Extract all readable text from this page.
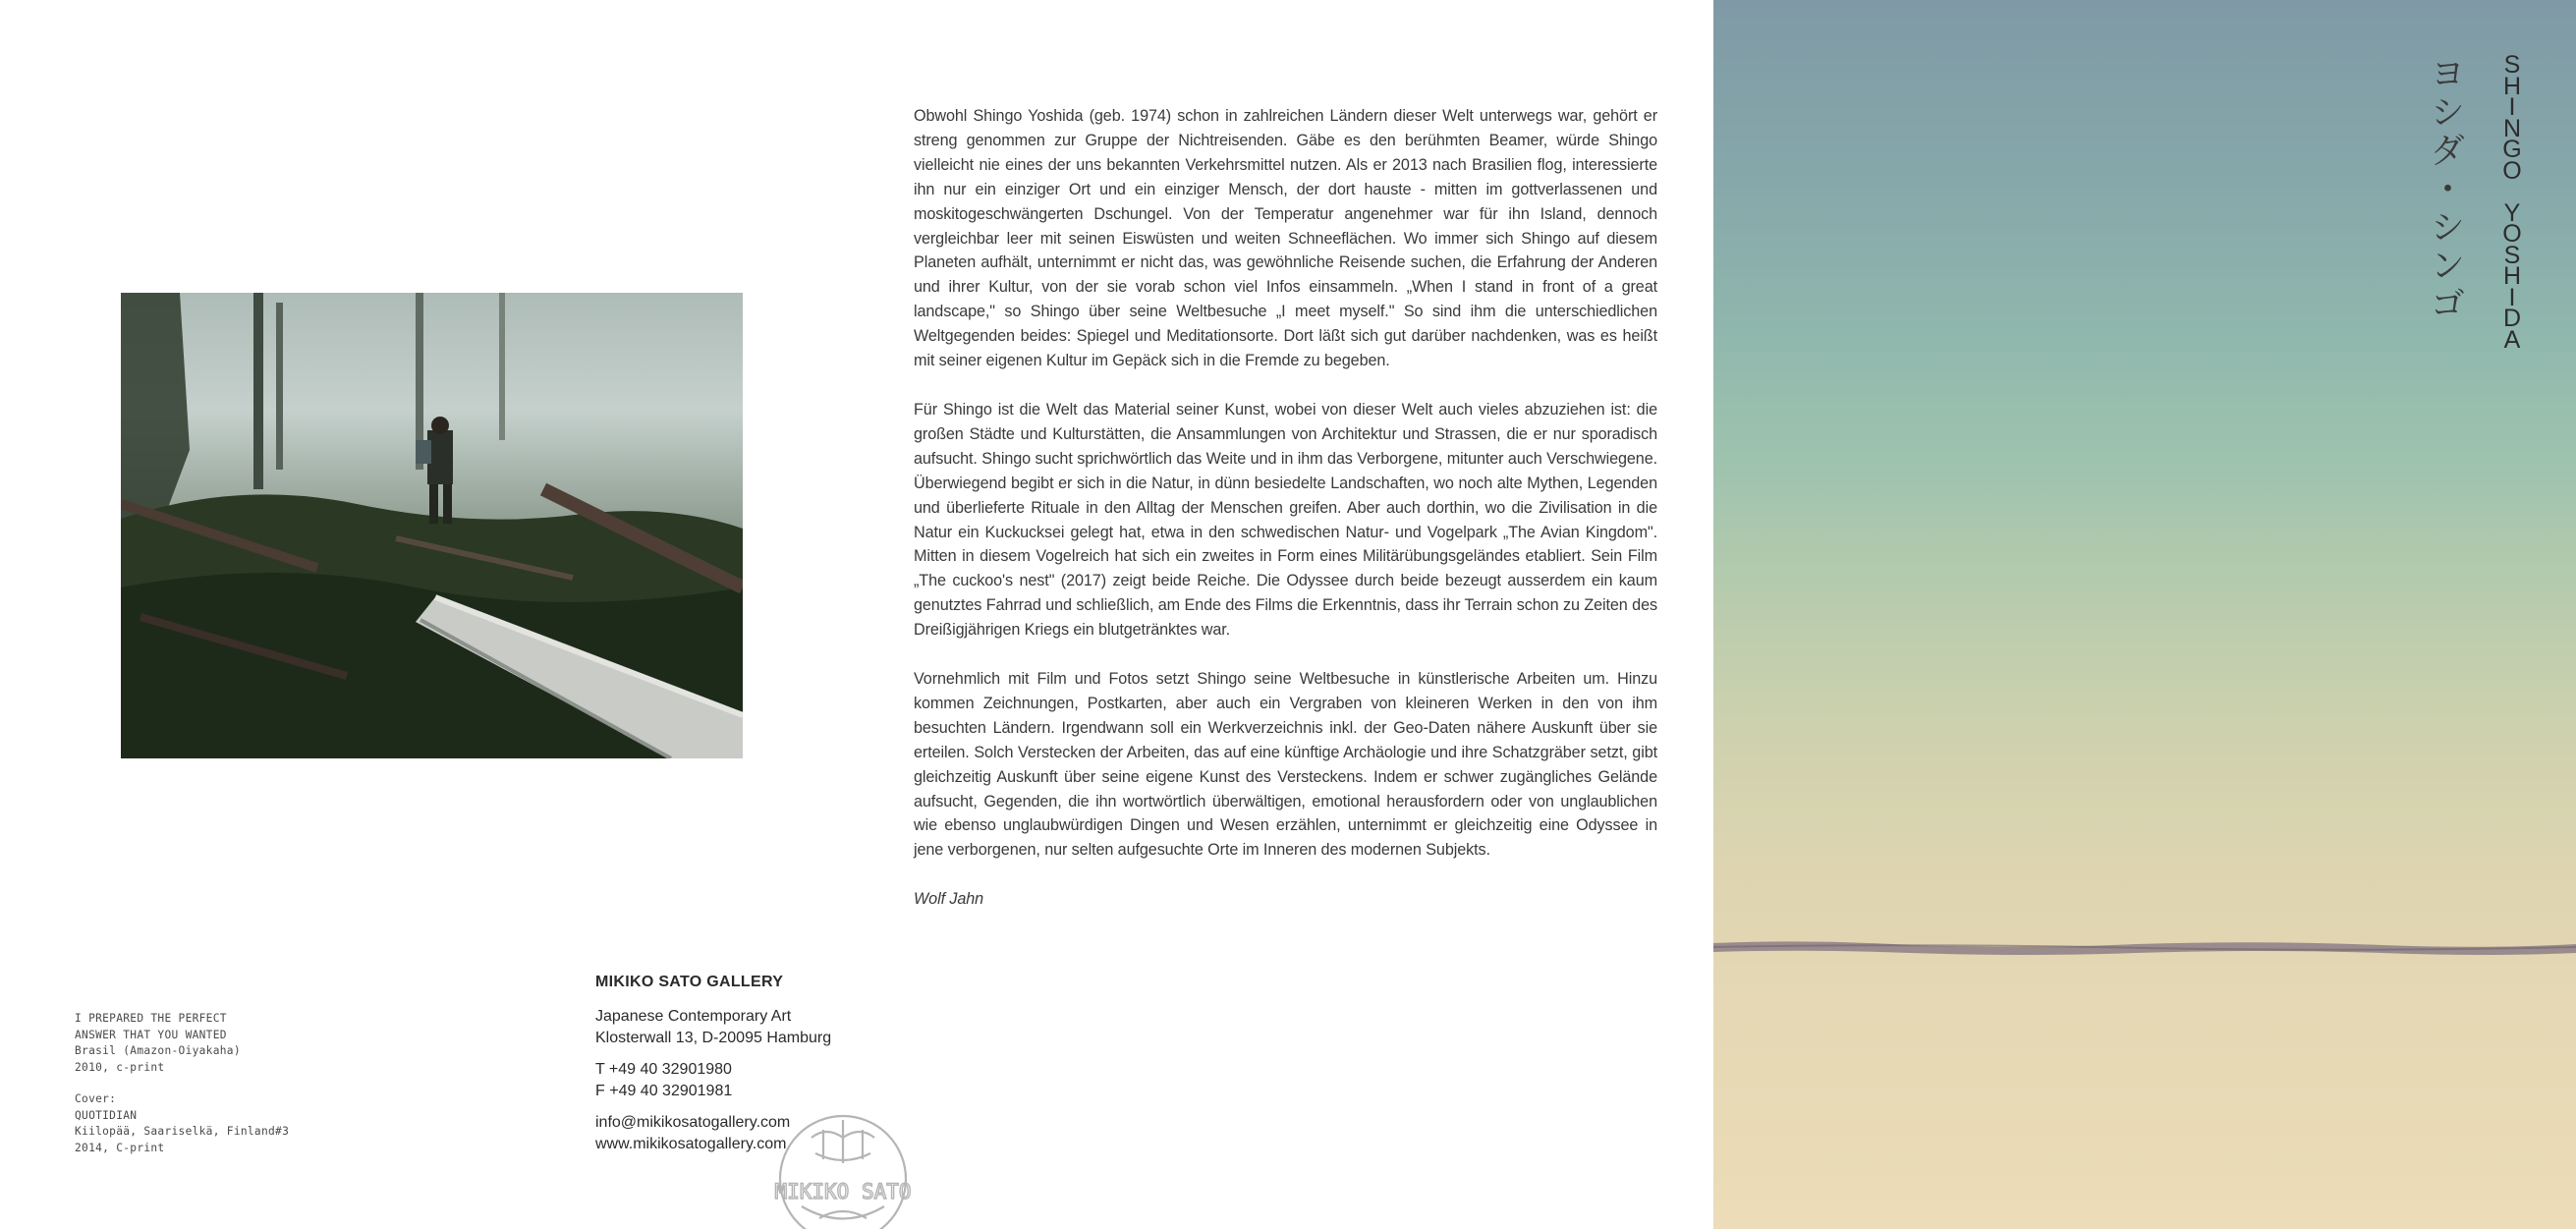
Obwohl Shingo Yoshida (geb. 1974) schon in zahlreichen Ländern dieser Welt unterwegs war, gehört er streng genommen zur Gruppe der Nichtreisenden. Gäbe es den berühmten Beamer, würde Shingo vielleicht nie eines der uns bekannten Verkehrsmittel nutzen. Als er 2013 nach Brasilien flog, interessierte ihn nur ein einziger Ort und ein einziger Mensch, der dort hauste - mitten im gottverlassenen und moskitogeschwängerten Dschungel. Von der Temperatur angenehmer war für ihn Island, dennoch vergleichbar leer mit seinen Eiswüsten und weiten Schneeflächen. Wo immer sich Shingo auf diesem Planeten aufhält, unternimmt er nicht das, was gewöhnliche Reisende suchen, die Erfahrung der Anderen und ihrer Kultur, von der sie vorab schon viel Infos einsammeln. „When I stand in front of a great landscape," so Shingo über seine Weltbesuche „I meet myself." So sind ihm die unterschiedlichen Weltgegenden beides: Spiegel und Meditationsorte. Dort läßt sich gut darüber nachdenken, was es heißt mit seiner eigenen Kultur im Gepäck sich in die Fremde zu begeben.

Für Shingo ist die Welt das Material seiner Kunst, wobei von dieser Welt auch vieles abzuziehen ist: die großen Städte und Kulturstätten, die Ansammlungen von Architektur und Strassen, die er nur sporadisch aufsucht. Shingo sucht sprichwörtlich das Weite und in ihm das Verborgene, mitunter auch Verschwiegene. Überwiegend begibt er sich in die Natur, in dünn besiedelte Landschaften, wo noch alte Mythen, Legenden und überlieferte Rituale in den Alltag der Menschen greifen. Aber auch dorthin, wo die Zivilisation in die Natur ein Kuckucksei gelegt hat, etwa in den schwedischen Natur- und Vogelpark „The Avian Kingdom". Mitten in diesem Vogelreich hat sich ein zweites in Form eines Militärübungsgeländes etabliert. Sein Film „The cuckoo's nest" (2017) zeigt beide Reiche. Die Odyssee durch beide bezeugt ausserdem ein kaum genutztes Fahrrad und schließlich, am Ende des Films die Erkenntnis, dass ihr Terrain schon zu Zeiten des Dreißigjährigen Kriegs ein blutgetränktes war.

Vornehmlich mit Film und Fotos setzt Shingo seine Weltbesuche in künstlerische Arbeiten um. Hinzu kommen Zeichnungen, Postkarten, aber auch ein Vergraben von kleineren Werken in den von ihm besuchten Ländern. Irgendwann soll ein Werkverzeichnis inkl. der Geo-Daten nähere Auskunft über sie erteilen. Solch Verstecken der Arbeiten, das auf eine künftige Archäologie und ihre Schatzgräber setzt, gibt gleichzeitig Auskunft über seine eigene Kunst des Versteckens. Indem er schwer zugängliches Gelände aufsucht, Gegenden, die ihn wortwörtlich überwältigen, emotional herausfordern oder von unglaublichen wie ebenso unglaubwürdigen Dingen und Wesen erzählen, unternimmt er gleichzeitig eine Odyssee in jene verborgenen, nur selten aufgesuchte Orte im Inneren des modernen Subjekts.

Wolf Jahn

I PREPARED THE PERFECT
ANSWER THAT YOU WANTED
Brasil (Amazon-Oiyakaha)
2010, c-print
Cover:
QUOTIDIAN
Kiilopää, Saariselkä, Finland#3
2014, C-print
MIKIKO SATO GALLERY
Japanese Contemporary Art
Klosterwall 13, D-20095 Hamburg
T +49 40 32901980
F +49 40 32901981
info@mikikosatogallery.com
www.mikikosatogallery.com
MIKIKO SATO
ヨシダ・シンゴ S
H
I
N
G
O

Y
O
S
H
I
D
A
